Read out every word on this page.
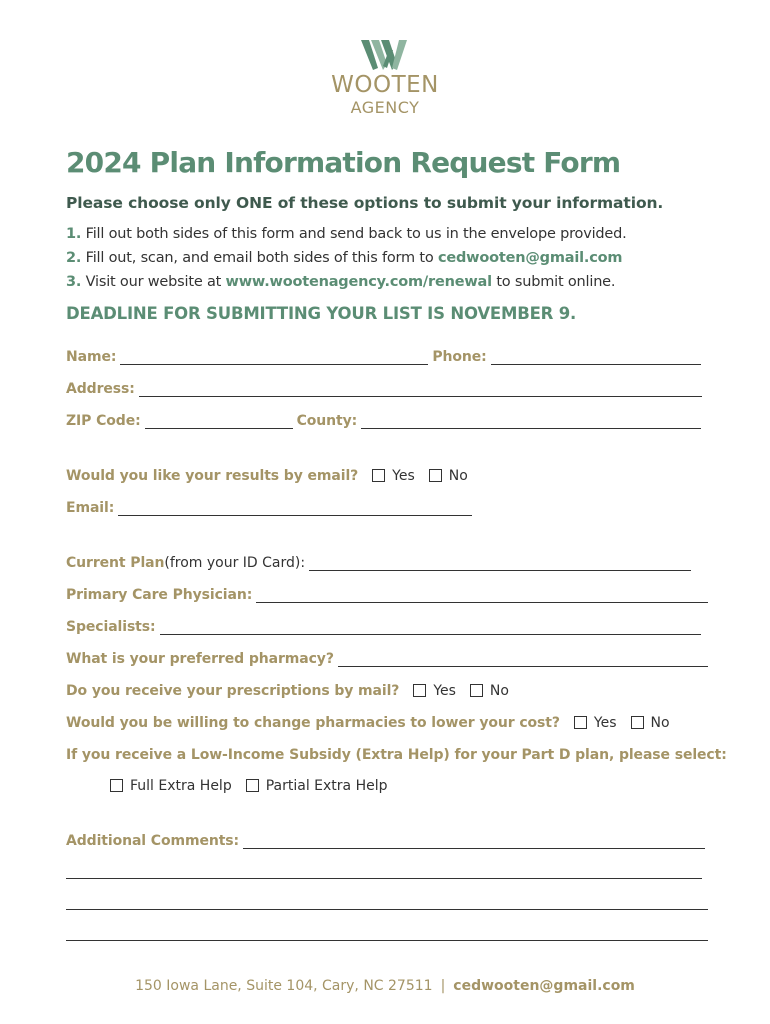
WOOTEN
AGENCY
2024 Plan Information Request Form
Please choose only ONE of these options to submit your information.
1. Fill out both sides of this form and send back to us in the envelope provided.
2. Fill out, scan, and email both sides of this form to cedwooten@gmail.com
3. Visit our website at www.wootenagency.com/renewal to submit online.
DEADLINE FOR SUBMITTING YOUR LIST IS NOVEMBER 9.
Name:	Phone:
Address:
ZIP Code:	County:
Would you like your results by email? Yes No
Email:
Current Plan (from your ID Card):
Primary Care Physician:
Specialists:
What is your preferred pharmacy?
Do you receive your prescriptions by mail? Yes No
Would you be willing to change pharmacies to lower your cost? Yes No
If you receive a Low-Income Subsidy (Extra Help) for your Part D plan, please select:
Full Extra Help Partial Extra Help
Additional Comments:
150 Iowa Lane, Suite 104, Cary, NC 27511 | cedwooten@gmail.com
